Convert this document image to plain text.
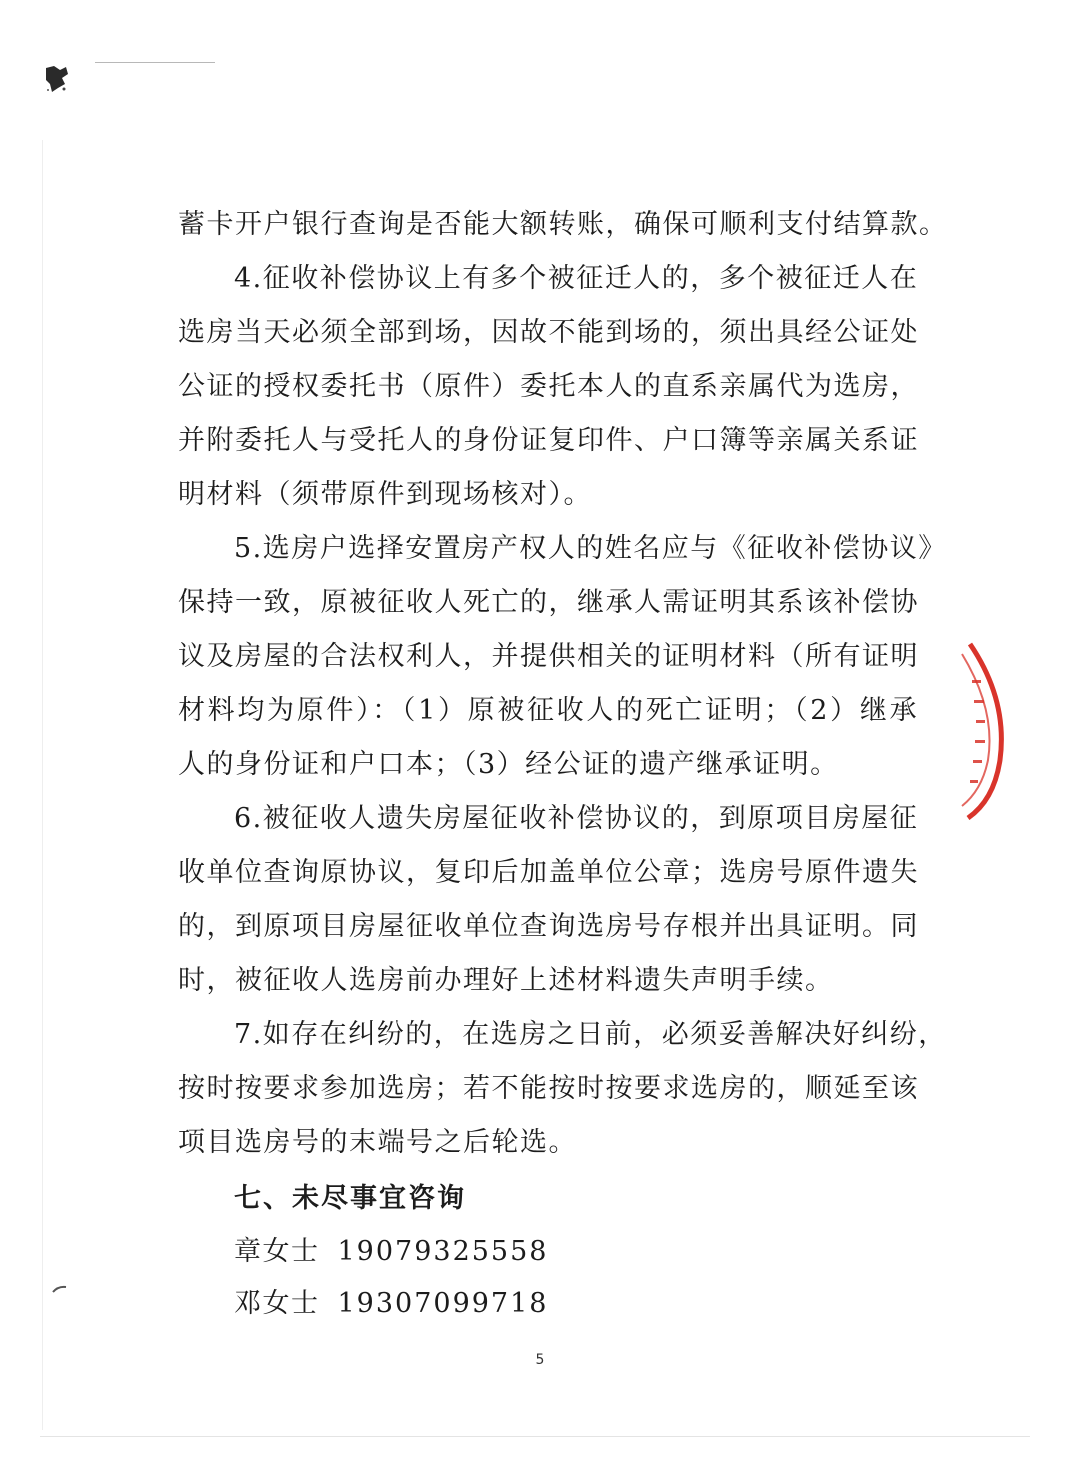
蓄卡开户银行查询是否能大额转账，确保可顺利支付结算款。
4.征收补偿协议上有多个被征迁人的，多个被征迁人在
选房当天必须全部到场，因故不能到场的，须出具经公证处
公证的授权委托书（原件）委托本人的直系亲属代为选房，
并附委托人与受托人的身份证复印件、户口簿等亲属关系证
明材料（须带原件到现场核对）。
5.选房户选择安置房产权人的姓名应与《征收补偿协议》
保持一致，原被征收人死亡的，继承人需证明其系该补偿协
议及房屋的合法权利人，并提供相关的证明材料（所有证明
材料均为原件）：（1）原被征收人的死亡证明；（2）继承
人的身份证和户口本；（3）经公证的遗产继承证明。
6.被征收人遗失房屋征收补偿协议的，到原项目房屋征
收单位查询原协议，复印后加盖单位公章；选房号原件遗失
的，到原项目房屋征收单位查询选房号存根并出具证明。同
时，被征收人选房前办理好上述材料遗失声明手续。
7.如存在纠纷的，在选房之日前，必须妥善解决好纠纷，
按时按要求参加选房；若不能按时按要求选房的，顺延至该
项目选房号的末端号之后轮选。
七、未尽事宜咨询
章女士 19079325558
邓女士 19307099718
5
